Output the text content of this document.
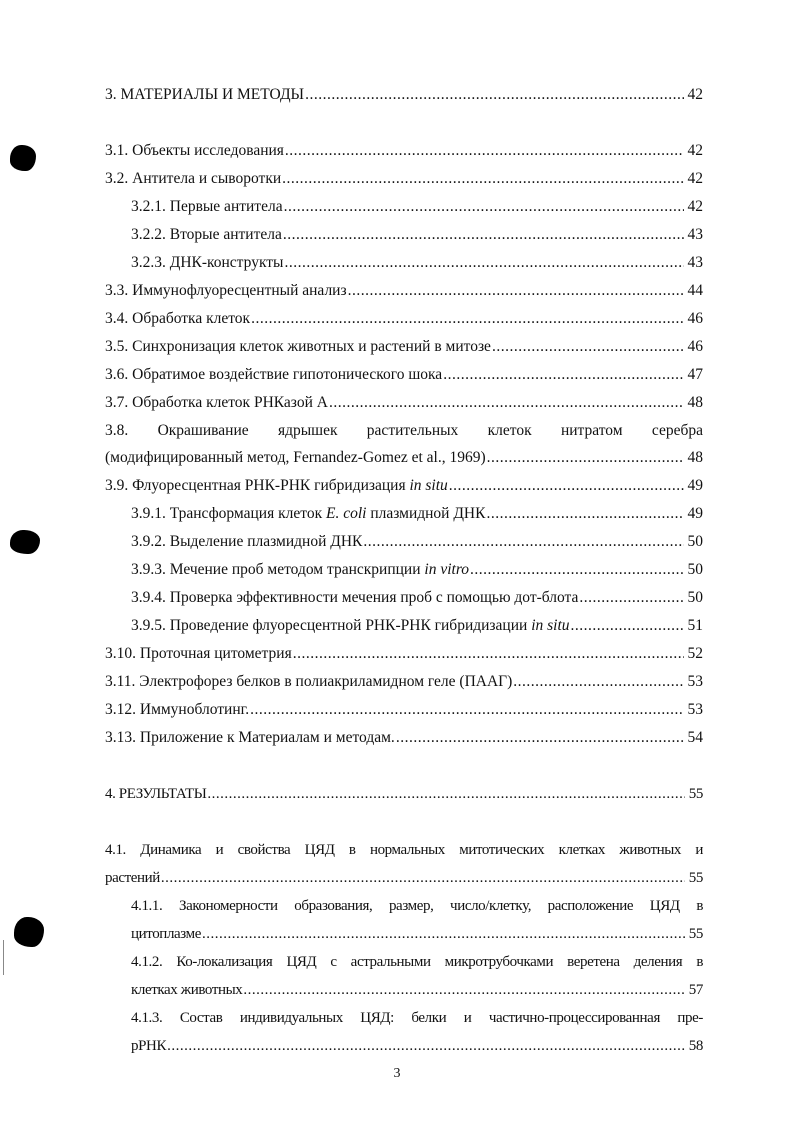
3. МАТЕРИАЛЫ И МЕТОДЫ .....	42
3.1. Объекты исследования .....	42
3.2. Антитела и сыворотки .....	42
3.2.1. Первые антитела .....	42
3.2.2. Вторые антитела .....	43
3.2.3. ДНК-конструкты .....	43
3.3. Иммунофлуоресцентный анализ .....	44
3.4. Обработка клеток .....	46
3.5. Синхронизация клеток животных и растений в митозе .....	46
3.6. Обратимое воздействие гипотонического шока .....	47
3.7. Обработка клеток РНКазой А .....	48
3.8. Окрашивание ядрышек растительных клеток нитратом серебра
(модифицированный метод, Fernandez-Gomez et al., 1969) .....	48
3.9. Флуоресцентная РНК-РНК гибридизация in situ .....	49
3.9.1. Трансформация клеток E. coli плазмидной ДНК .....	49
3.9.2. Выделение плазмидной ДНК .....	50
3.9.3. Мечение проб методом транскрипции in vitro .....	50
3.9.4. Проверка эффективности мечения проб с помощью дот-блота .....	50
3.9.5. Проведение флуоресцентной РНК-РНК гибридизации in situ .....	51
3.10. Проточная цитометрия .....	52
3.11. Электрофорез белков в полиакриламидном геле (ПААГ) .....	53
3.12. Иммуноблотинг. .....	53
3.13. Приложение к Материалам и методам. .....	54
4. РЕЗУЛЬТАТЫ .....	55
4.1. Динамика и свойства ЦЯД в нормальных митотических клетках животных и
растений .....	55
4.1.1. Закономерности образования, размер, число/клетку, расположение ЦЯД в
цитоплазме .....	55
4.1.2. Ко-локализация ЦЯД с астральными микротрубочками веретена деления в
клетках животных .....	57
4.1.3. Состав индивидуальных ЦЯД: белки и частично-процессированная пре-
рРНК .....	58
3
